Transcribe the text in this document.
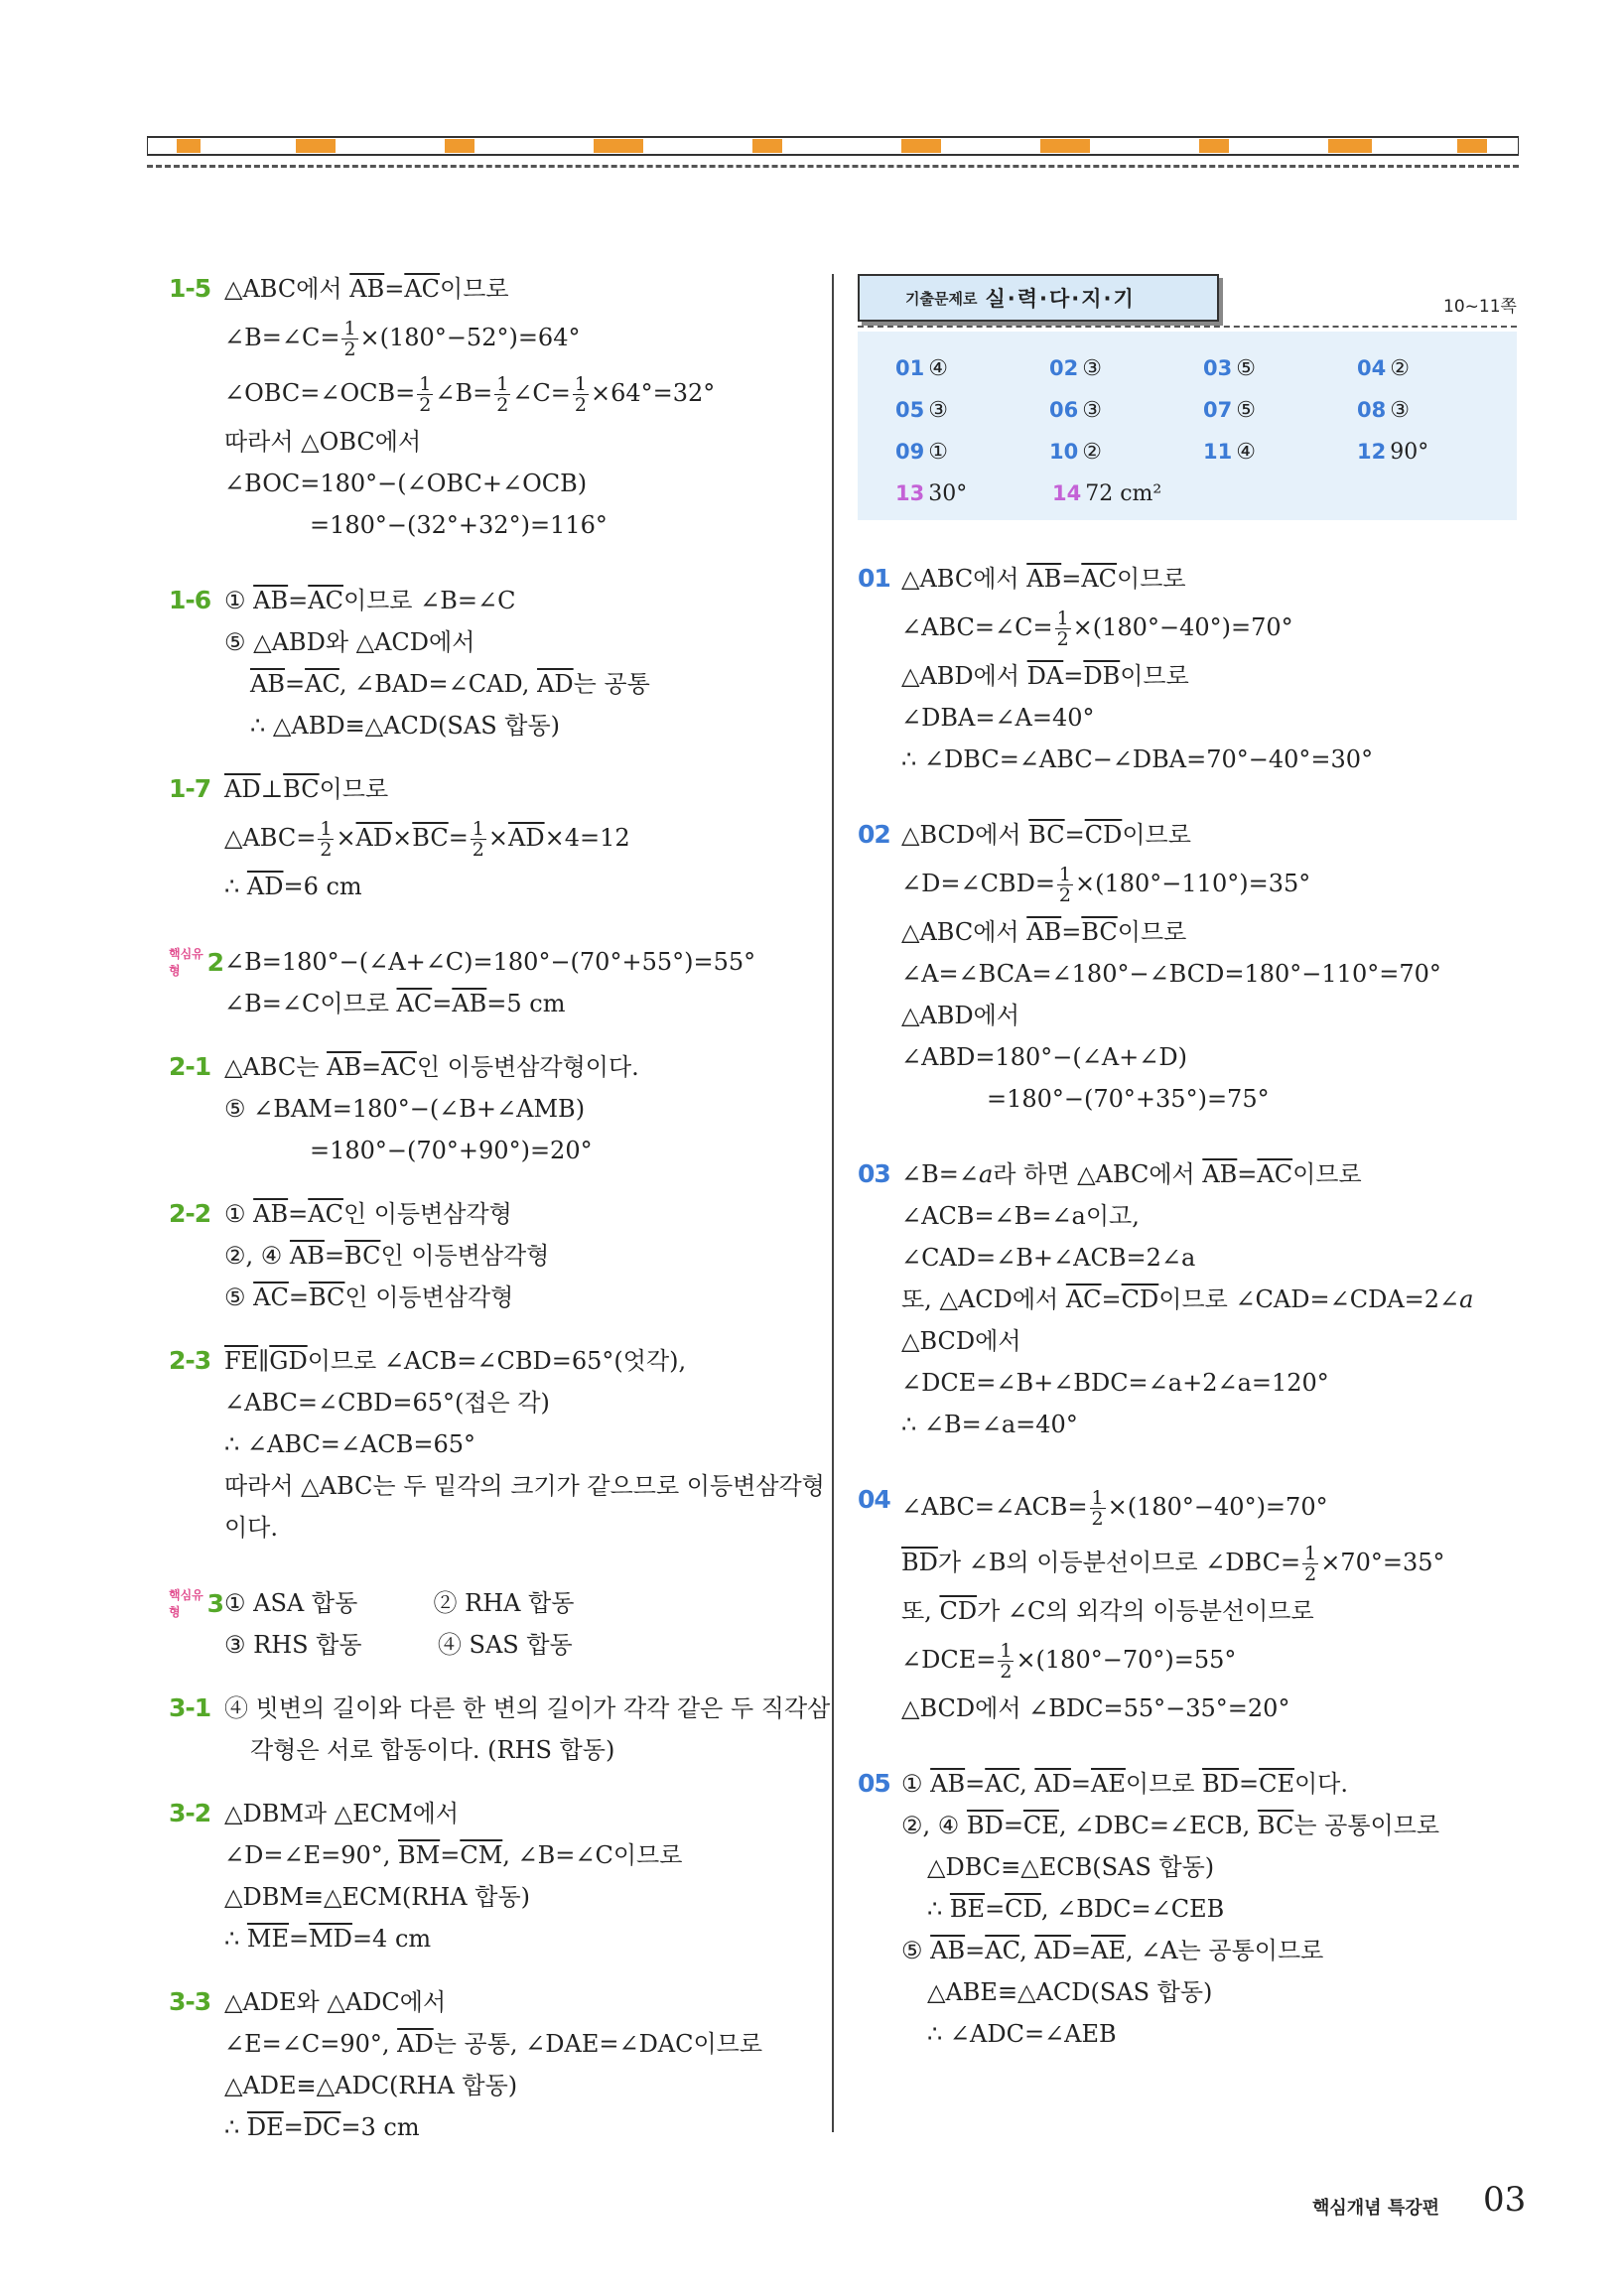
1-5 △ABC에서 $\overline{AB}=\overline{AC}$이므로
∠B=∠C= $\frac{1}{2} \times(180^\circ-52^\circ)=64^\circ$
∠OBC=∠OCB= $\frac{1}{2}$ ∠B= $\frac{1}{2}$ ∠C= $\frac{1}{2} \times 64^\circ=32^\circ$
따라서 △OBC에서
∠BOC=180°−(∠OBC+∠OCB)
=180°−(32°+32°)=116°
1-6 ① $\overline{AB}=\overline{AC}$이므로 ∠B=∠C
⑤ △ABD와 △ACD에서
$\overline{AB}=\overline{AC}$, ∠BAD=∠CAD, $\overline{AD}$는 공통
∴ △ABD≡△ACD(SAS 합동)
1-7 $\overline{AD}\perp\overline{BC}$이므로
△ABC= $\frac{1}{2} \times\overline{AD}\times\overline{BC}= \frac{1}{2} \times\overline{AD}\times 4=12$
∴ $\overline{AD}=6$ cm
핵심유형	2 ∠B=180°−(∠A+∠C)=180°−(70°+55°)=55°
∠B=∠C이므로 $\overline{AC}=\overline{AB}=5$ cm
2-1 △ABC는 $\overline{AB}=\overline{AC}$인 이등변삼각형이다.
⑤ ∠BAM=180°−(∠B+∠AMB)
=180°−(70°+90°)=20°
2-2 ① $\overline{AB}=\overline{AC}$인 이등변삼각형
②, ④ $\overline{AB}=\overline{BC}$인 이등변삼각형
⑤ $\overline{AC}=\overline{BC}$인 이등변삼각형
2-3 $\overline{FE}\parallel\overline{GD}$이므로 ∠ACB=∠CBD=65°(엇각),
∠ABC=∠CBD=65°(접은 각)
∴ ∠ABC=∠ACB=65°
따라서 △ABC는 두 밑각의 크기가 같으므로 이등변삼각형
이다.
핵심유형	3 ① ASA 합동          ② RHA 합동
③ RHS 합동          ④ SAS 합동
3-1 ④ 빗변의 길이와 다른 한 변의 길이가 각각 같은 두 직각삼
각형은 서로 합동이다. (RHS 합동)
3-2 △DBM과 △ECM에서
∠D=∠E=90°, $\overline{BM}=\overline{CM}$, ∠B=∠C이므로
△DBM≡△ECM(RHA 합동)
∴ $\overline{ME}=\overline{MD}=4$ cm
3-3 △ADE와 △ADC에서
∠E=∠C=90°, $\overline{AD}$는 공통, ∠DAE=∠DAC이므로
△ADE≡△ADC(RHA 합동)
∴ $\overline{DE}=\overline{DC}=3$ cm
기출문제로 실·력·다·지·기	10~11쪽
01 ④	02 ③	03 ⑤	04 ②
05 ③	06 ③	07 ⑤	08 ③
09 ①	10 ②	11 ④	12 90°
13 30°	14 72 cm²
01 △ABC에서 $\overline{AB}=\overline{AC}$이므로
∠ABC=∠C= $\frac{1}{2} \times(180^\circ-40^\circ)=70^\circ$
△ABD에서 $\overline{DA}=\overline{DB}$이므로
∠DBA=∠A=40°
∴ ∠DBC=∠ABC−∠DBA=70°−40°=30°
02 △BCD에서 $\overline{BC}=\overline{CD}$이므로
∠D=∠CBD= $\frac{1}{2} \times(180^\circ-110^\circ)=35^\circ$
△ABC에서 $\overline{AB}=\overline{BC}$이므로
∠A=∠BCA=∠180°−∠BCD=180°−110°=70°
△ABD에서
∠ABD=180°−(∠A+∠D)
=180°−(70°+35°)=75°
03 ∠B=∠a라 하면 △ABC에서 $\overline{AB}=\overline{AC}$이므로
∠ACB=∠B=∠a이고,
∠CAD=∠B+∠ACB=2∠a
또, △ACD에서 $\overline{AC}=\overline{CD}$이므로 ∠CAD=∠CDA=2∠a
△BCD에서
∠DCE=∠B+∠BDC=∠a+2∠a=120°
∴ ∠B=∠a=40°
04 ∠ABC=∠ACB= $\frac{1}{2} \times(180^\circ-40^\circ)=70^\circ$
$\overline{BD}$가 ∠B의 이등분선이므로 ∠DBC= $\frac{1}{2} \times 70^\circ=35^\circ$
또, $\overline{CD}$가 ∠C의 외각의 이등분선이므로
∠DCE= $\frac{1}{2} \times(180^\circ-70^\circ)=55^\circ$
△BCD에서 ∠BDC=55°−35°=20°
05 ① $\overline{AB}=\overline{AC}$, $\overline{AD}=\overline{AE}$이므로 $\overline{BD}=\overline{CE}$이다.
②, ④ $\overline{BD}=\overline{CE}$, ∠DBC=∠ECB, $\overline{BC}$는 공통이므로
△DBC≡△ECB(SAS 합동)
∴ $\overline{BE}=\overline{CD}$, ∠BDC=∠CEB
⑤ $\overline{AB}=\overline{AC}$, $\overline{AD}=\overline{AE}$, ∠A는 공통이므로
△ABE≡△ACD(SAS 합동)
∴ ∠ADC=∠AEB
핵심개념 특강편 03
